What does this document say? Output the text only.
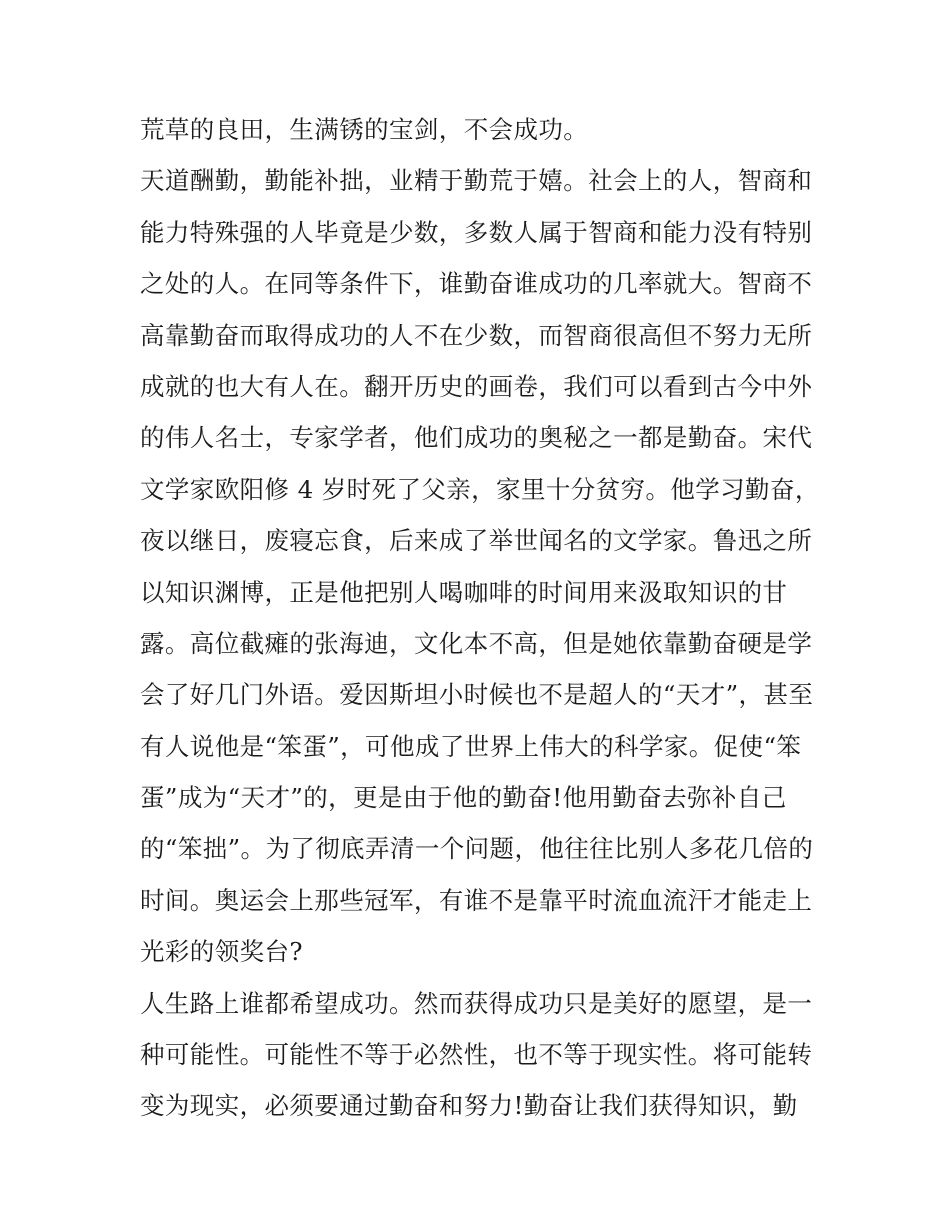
荒草的良田，生满锈的宝剑，不会成功。
天道酬勤，勤能补拙，业精于勤荒于嬉。社会上的人，智商和
能力特殊强的人毕竟是少数，多数人属于智商和能力没有特别
之处的人。在同等条件下，谁勤奋谁成功的几率就大。智商不
高靠勤奋而取得成功的人不在少数，而智商很高但不努力无所
成就的也大有人在。翻开历史的画卷，我们可以看到古今中外
的伟人名士，专家学者，他们成功的奥秘之一都是勤奋。宋代
文学家欧阳修 4 岁时死了父亲，家里十分贫穷。他学习勤奋，
夜以继日，废寝忘食，后来成了举世闻名的文学家。鲁迅之所
以知识渊博，正是他把别人喝咖啡的时间用来汲取知识的甘
露。高位截瘫的张海迪，文化本不高，但是她依靠勤奋硬是学
会了好几门外语。爱因斯坦小时候也不是超人的“天才”，甚至
有人说他是“笨蛋”，可他成了世界上伟大的科学家。促使“笨
蛋”成为“天才”的，更是由于他的勤奋!他用勤奋去弥补自己
的“笨拙”。为了彻底弄清一个问题，他往往比别人多花几倍的
时间。奥运会上那些冠军，有谁不是靠平时流血流汗才能走上
光彩的领奖台?
人生路上谁都希望成功。然而获得成功只是美好的愿望，是一
种可能性。可能性不等于必然性，也不等于现实性。将可能转
变为现实，必须要通过勤奋和努力!勤奋让我们获得知识，勤
